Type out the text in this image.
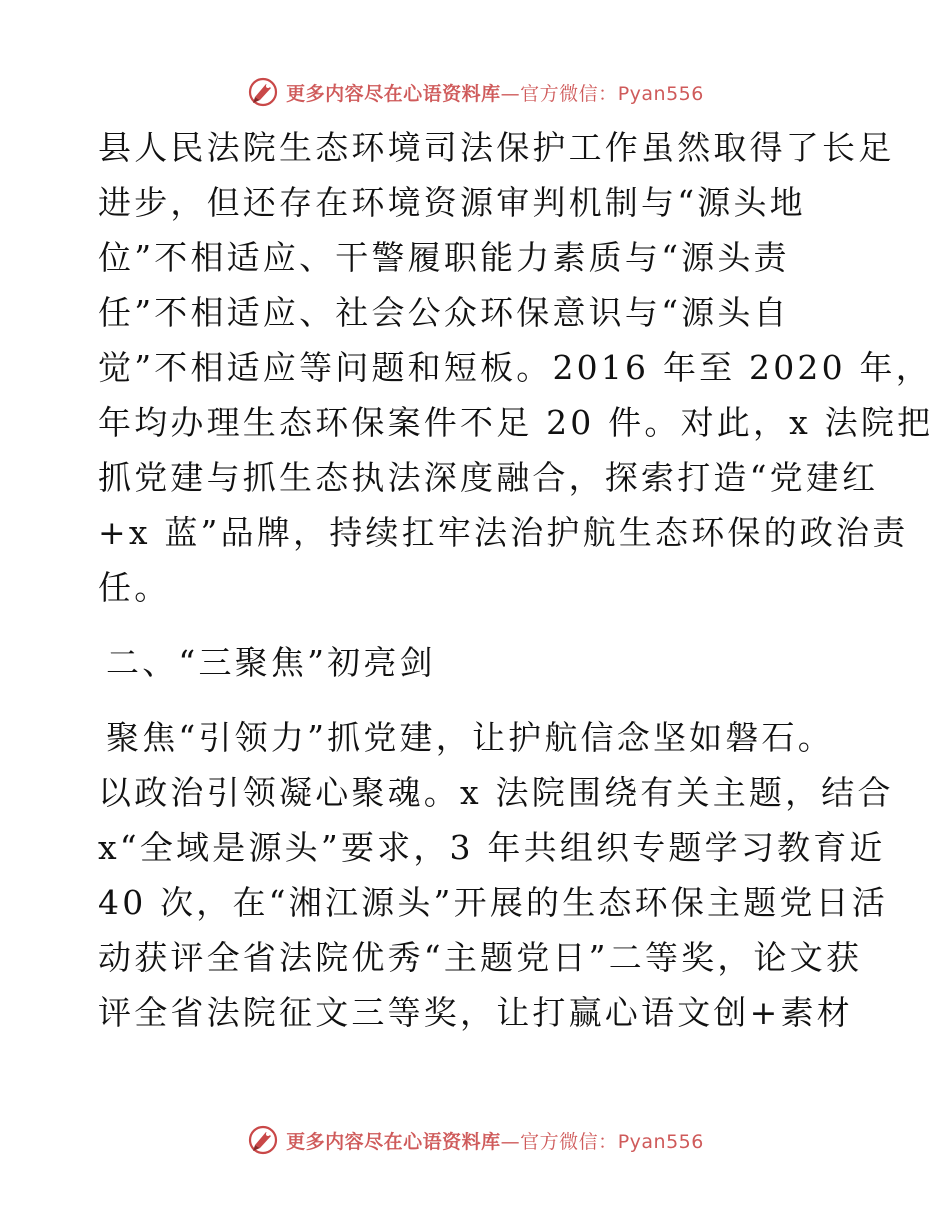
更多内容尽在心语资料库—官方微信：Pyan556
县人民法院生态环境司法保护工作虽然取得了长足
进步，但还存在环境资源审判机制与“源头地
位”不相适应、干警履职能力素质与“源头责
任”不相适应、社会公众环保意识与“源头自
觉”不相适应等问题和短板。2016 年至 2020 年，
年均办理生态环保案件不足 20 件。对此，x 法院把
抓党建与抓生态执法深度融合，探索打造“党建红
+x 蓝”品牌，持续扛牢法治护航生态环保的政治责
任。
二、“三聚焦”初亮剑
聚焦“引领力”抓党建，让护航信念坚如磐石。
以政治引领凝心聚魂。x 法院围绕有关主题，结合
x“全域是源头”要求，3 年共组织专题学习教育近
40 次，在“湘江源头”开展的生态环保主题党日活
动获评全省法院优秀“主题党日”二等奖，论文获
评全省法院征文三等奖，让打赢心语文创+素材
更多内容尽在心语资料库—官方微信：Pyan556
